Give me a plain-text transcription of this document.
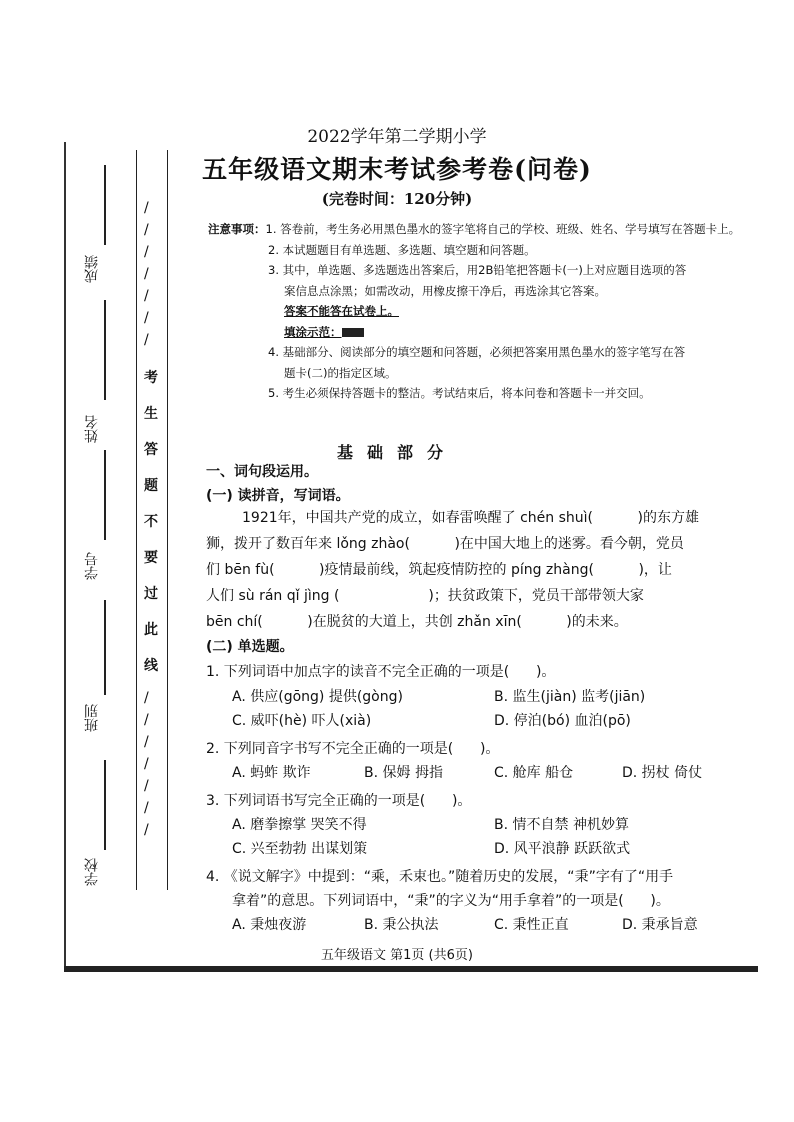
成绩
姓名
学号
班别
学校
考
生
答
题
不
要
过
此
线
/
/
/
/
/
/
/
/
/
/
/
/
/
/
2022学年第二学期小学
五年级语文期末考试参考卷(问卷)
(完卷时间：120分钟)
注意事项：1. 答卷前，考生务必用黑色墨水的签字笔将自己的学校、班级、姓名、学号填写在答题卡上。
2. 本试题题目有单选题、多选题、填空题和问答题。
3. 其中，单选题、多选题选出答案后，用2B铅笔把答题卡(一)上对应题目选项的答
案信息点涂黑；如需改动，用橡皮擦干净后，再选涂其它答案。
答案不能答在试卷上。
填涂示范：
4. 基础部分、阅读部分的填空题和问答题，必须把答案用黑色墨水的签字笔写在答
题卡(二)的指定区域。
5. 考生必须保持答题卡的整洁。考试结束后，将本问卷和答题卡一并交回。
基础部分
一、词句段运用。
(一) 读拼音，写词语。
1921年，中国共产党的成立，如春雷唤醒了 chén shuì(          )的东方雄
狮，拨开了数百年来 lǒng zhào(          )在中国大地上的迷雾。看今朝，党员
们 bēn fù(          )疫情最前线，筑起疫情防控的 píng zhàng(          )，让
人们 sù rán qǐ jìng (                    )；扶贫政策下，党员干部带领大家
bēn chí(          )在脱贫的大道上，共创 zhǎn xīn(          )的未来。
(二) 单选题。
1. 下列词语中加点字的读音不完全正确的一项是(      )。
A. 供应(gōng) 提供(gòng)	B. 监生(jiàn) 监考(jiān)
C. 威吓(hè) 吓人(xià)	D. 停泊(bó) 血泊(pō)
2. 下列同音字书写不完全正确的一项是(      )。
A. 蚂蚱 欺诈	B. 保姆 拇指	C. 舱库 船仓	D. 拐杖 倚仗
3. 下列词语书写完全正确的一项是(      )。
A. 磨拳擦掌 哭笑不得	B. 情不自禁 神机妙算
C. 兴至勃勃 出谋划策	D. 风平浪静 跃跃欲式
4. 《说文解字》中提到：“乘，禾束也。”随着历史的发展，“秉”字有了“用手
拿着”的意思。下列词语中，“秉”的字义为“用手拿着”的一项是(      )。
A. 秉烛夜游	B. 秉公执法	C. 秉性正直	D. 秉承旨意
五年级语文 第1页 (共6页)
